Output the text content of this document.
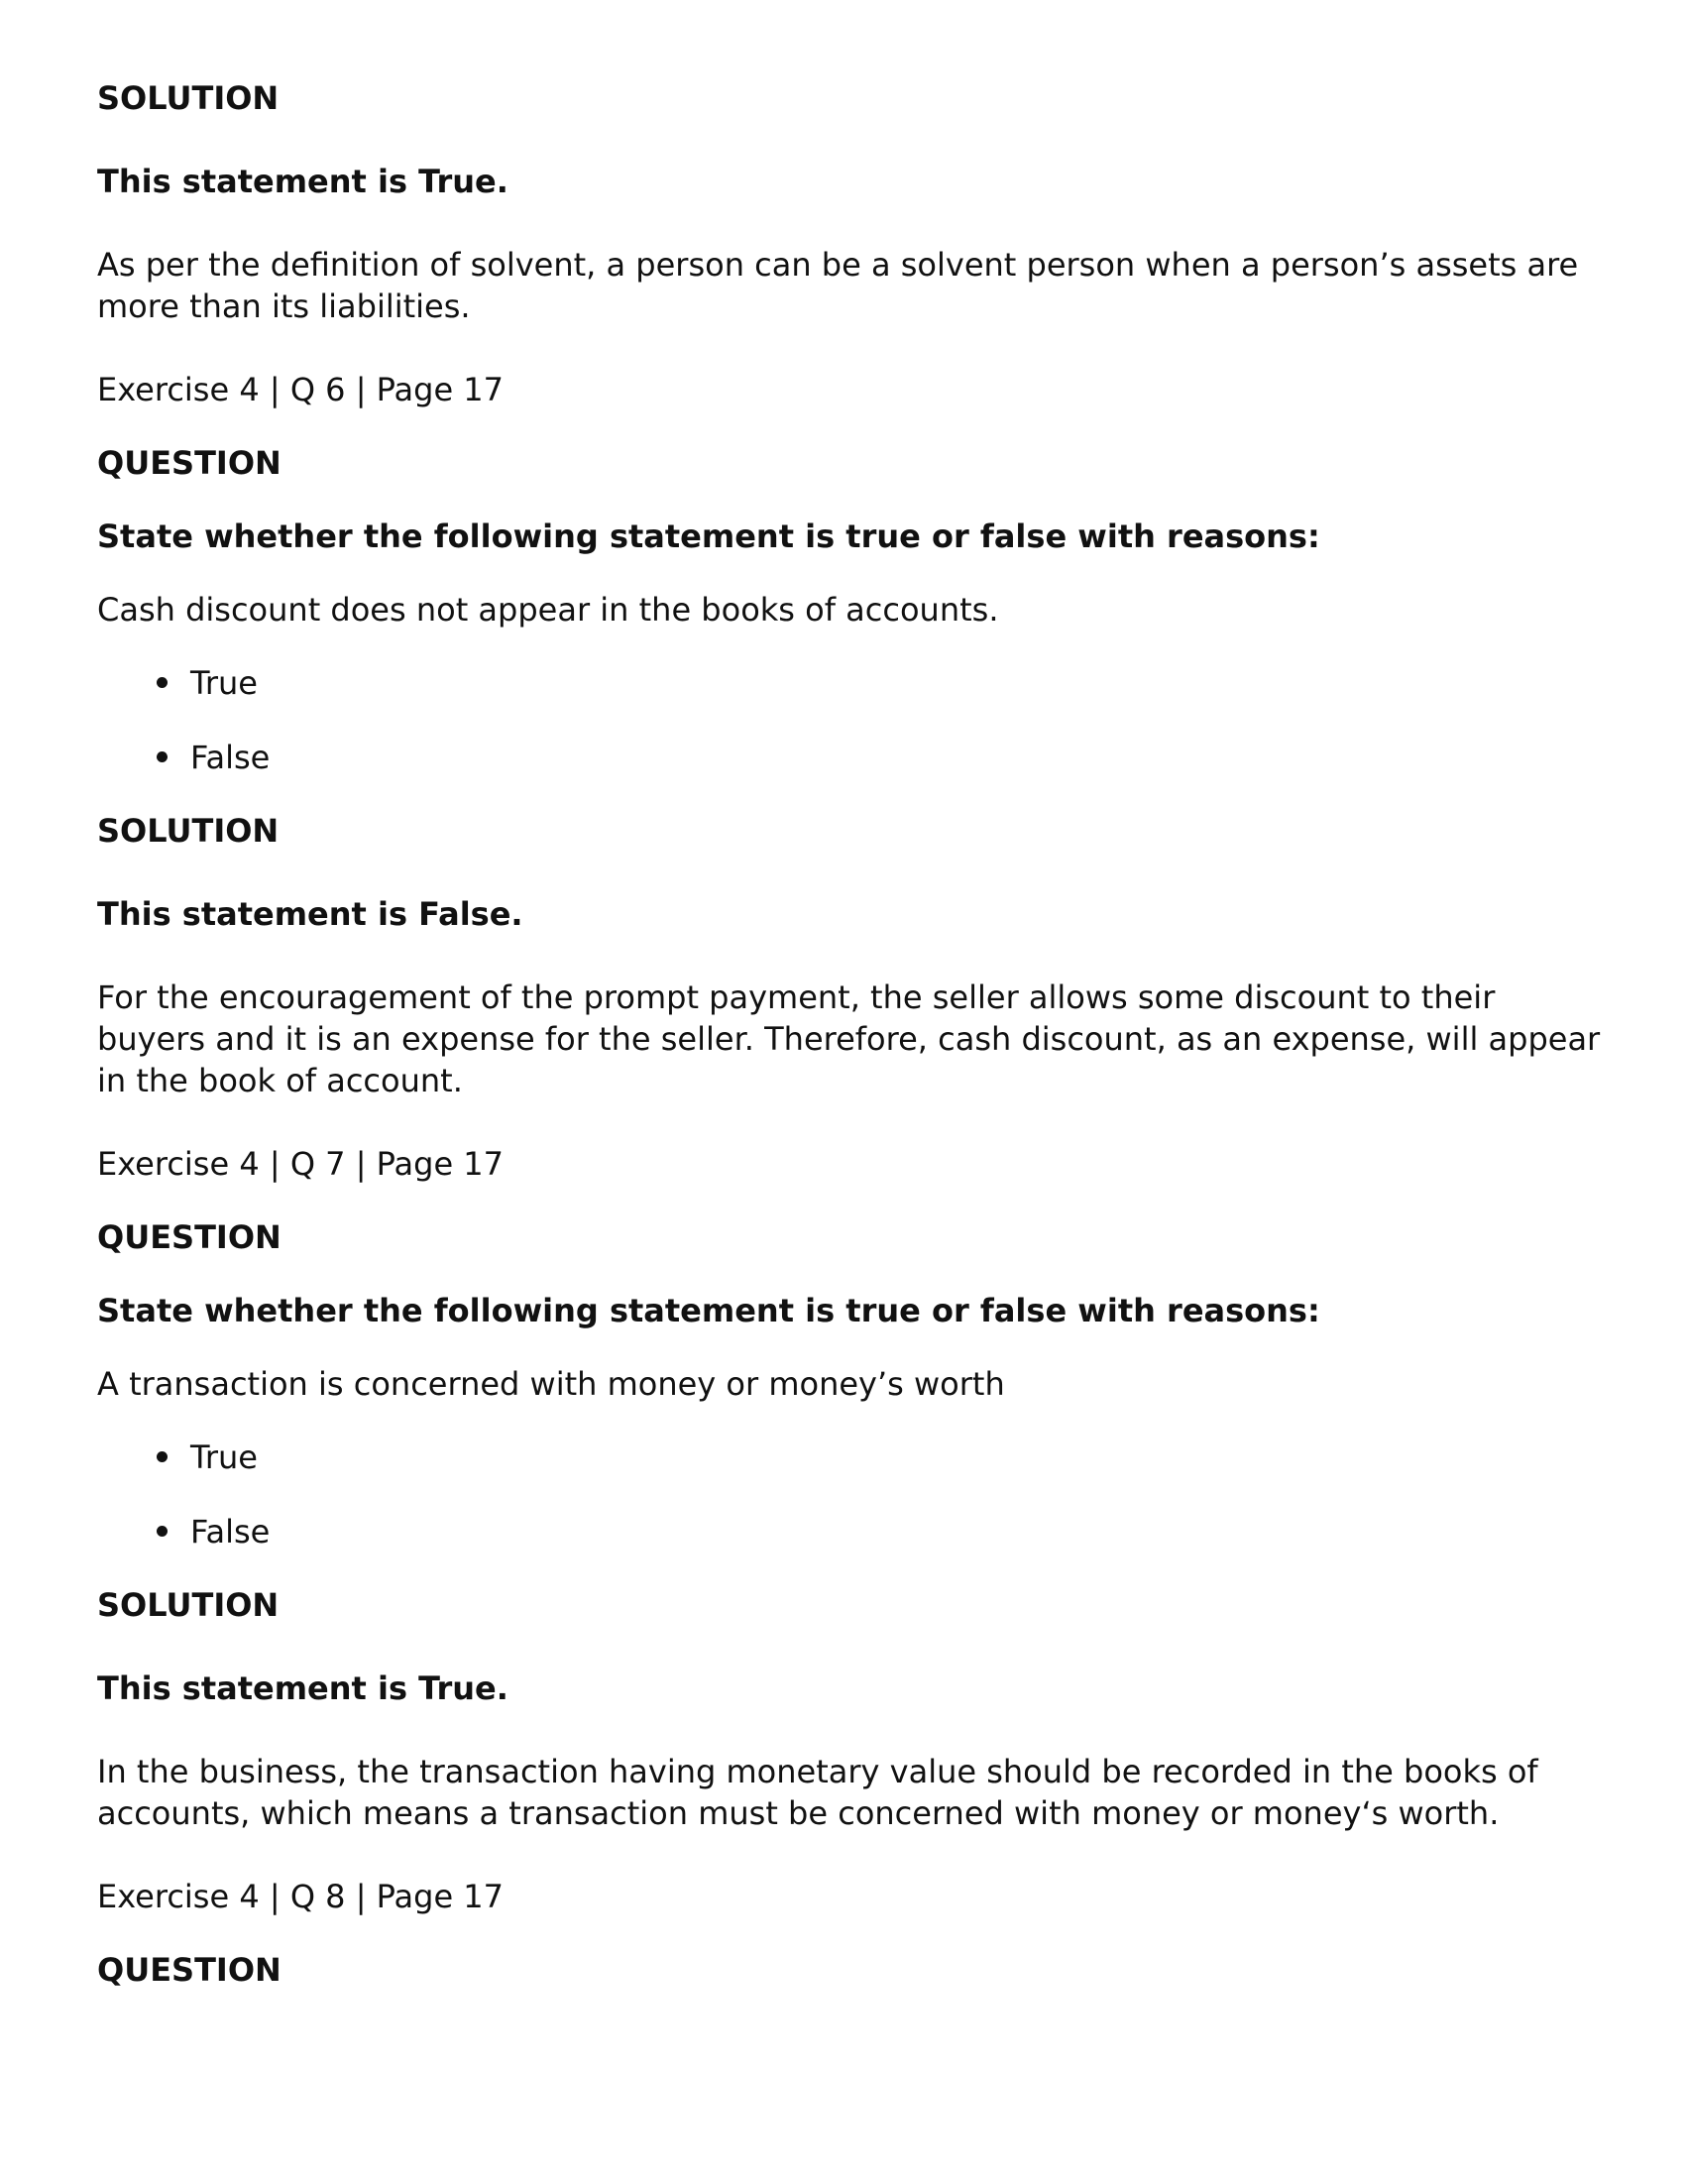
SOLUTION

This statement is True.

As per the definition of solvent, a person can be a solvent person when a person’s assets are more than its liabilities.

Exercise 4 | Q 6 | Page 17

QUESTION

State whether the following statement is true or false with reasons:

Cash discount does not appear in the books of accounts.

True
False

SOLUTION

This statement is False.

For the encouragement of the prompt payment, the seller allows some discount to their buyers and it is an expense for the seller. Therefore, cash discount, as an expense, will appear in the book of account.

Exercise 4 | Q 7 | Page 17

QUESTION

State whether the following statement is true or false with reasons:

A transaction is concerned with money or money’s worth

True
False

SOLUTION

This statement is True.

In the business, the transaction having monetary value should be recorded in the books of accounts, which means a transaction must be concerned with money or money‘s worth.

Exercise 4 | Q 8 | Page 17

QUESTION
